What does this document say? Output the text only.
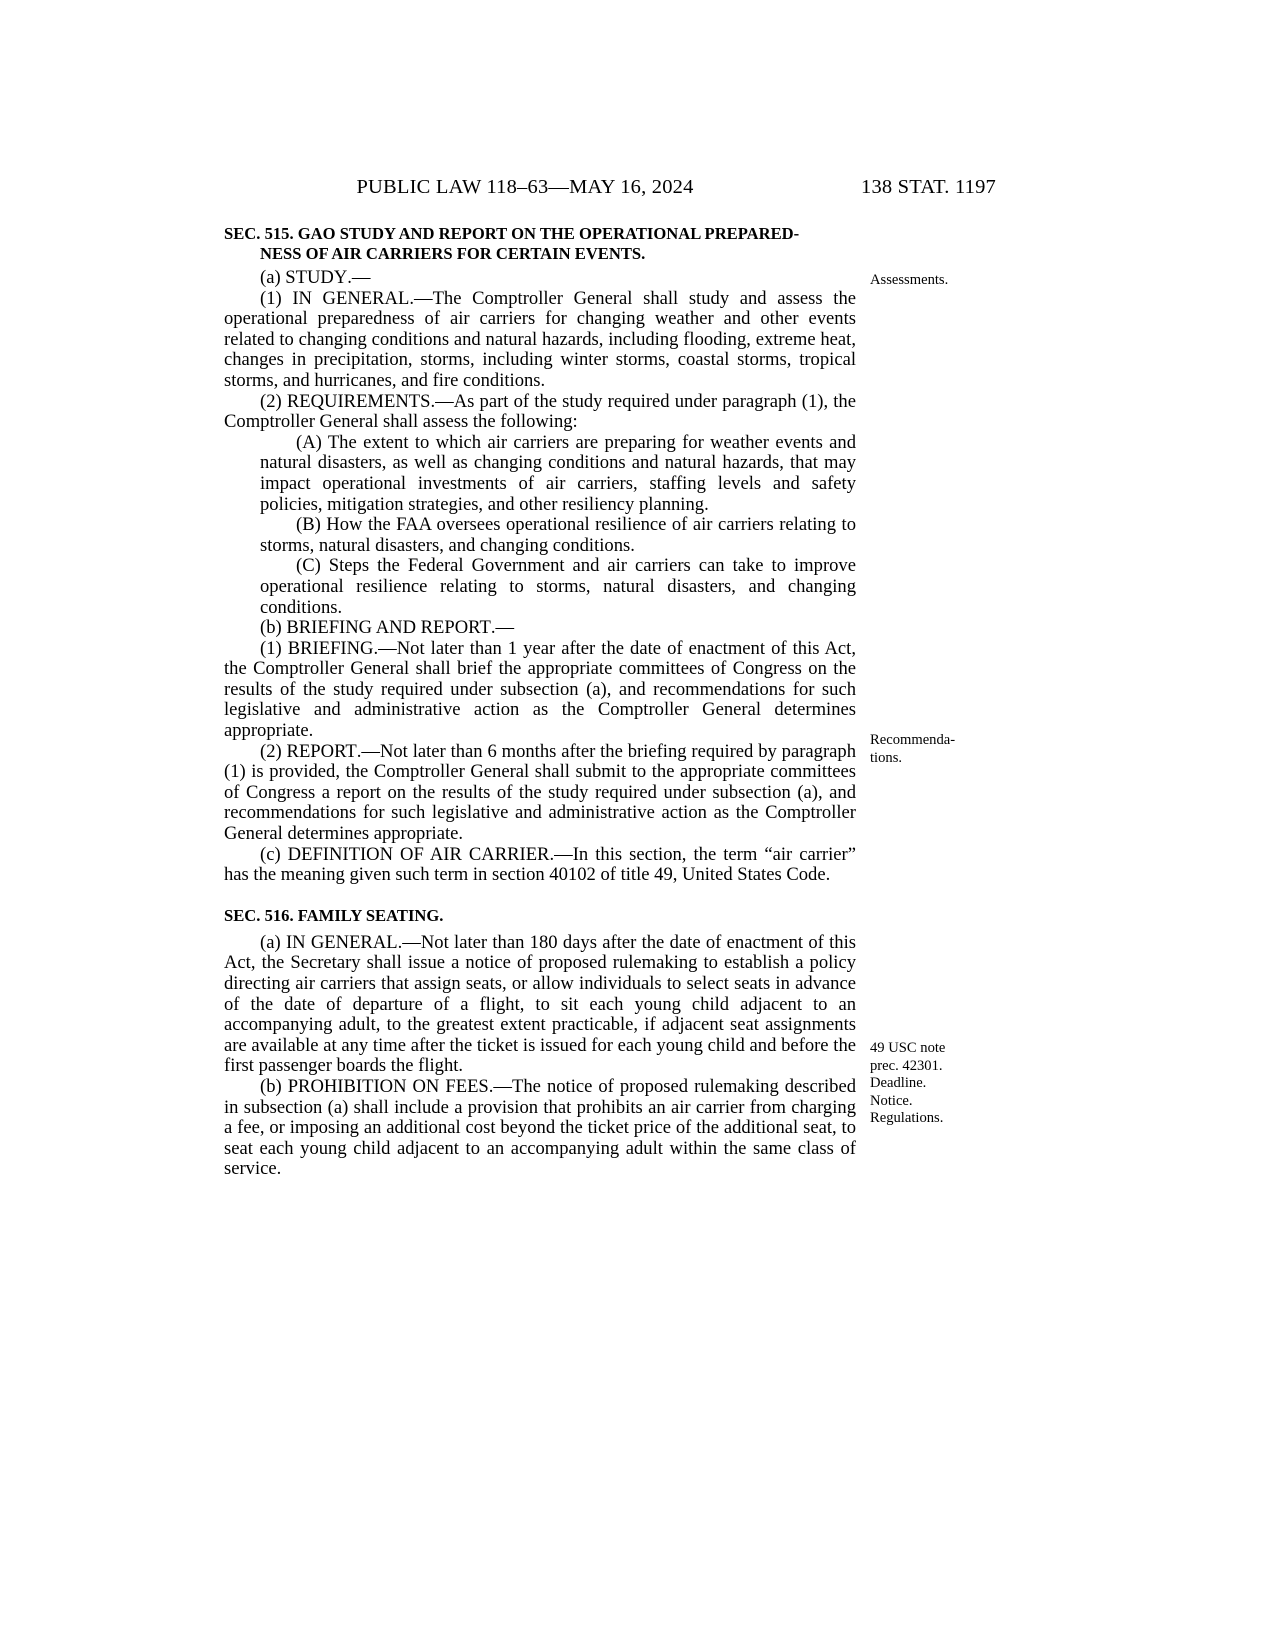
PUBLIC LAW 118–63—MAY 16, 2024	138 STAT. 1197
SEC. 515. GAO STUDY AND REPORT ON THE OPERATIONAL PREPARED-
NESS OF AIR CARRIERS FOR CERTAIN EVENTS.

(a) STUDY.—

(1) IN GENERAL.—The Comptroller General shall study and assess the operational preparedness of air carriers for changing weather and other events related to changing conditions and natural hazards, including flooding, extreme heat, changes in precipitation, storms, including winter storms, coastal storms, tropical storms, and hurricanes, and fire conditions.

(2) REQUIREMENTS.—As part of the study required under paragraph (1), the Comptroller General shall assess the following:

(A) The extent to which air carriers are preparing for weather events and natural disasters, as well as changing conditions and natural hazards, that may impact operational investments of air carriers, staffing levels and safety policies, mitigation strategies, and other resiliency planning.

(B) How the FAA oversees operational resilience of air carriers relating to storms, natural disasters, and changing conditions.

(C) Steps the Federal Government and air carriers can take to improve operational resilience relating to storms, natural disasters, and changing conditions.

(b) BRIEFING AND REPORT.—

(1) BRIEFING.—Not later than 1 year after the date of enactment of this Act, the Comptroller General shall brief the appropriate committees of Congress on the results of the study required under subsection (a), and recommendations for such legislative and administrative action as the Comptroller General determines appropriate.

(2) REPORT.—Not later than 6 months after the briefing required by paragraph (1) is provided, the Comptroller General shall submit to the appropriate committees of Congress a report on the results of the study required under subsection (a), and recommendations for such legislative and administrative action as the Comptroller General determines appropriate.

(c) DEFINITION OF AIR CARRIER.—In this section, the term “air carrier” has the meaning given such term in section 40102 of title 49, United States Code.

SEC. 516. FAMILY SEATING.

(a) IN GENERAL.—Not later than 180 days after the date of enactment of this Act, the Secretary shall issue a notice of proposed rulemaking to establish a policy directing air carriers that assign seats, or allow individuals to select seats in advance of the date of departure of a flight, to sit each young child adjacent to an accompanying adult, to the greatest extent practicable, if adjacent seat assignments are available at any time after the ticket is issued for each young child and before the first passenger boards the flight.

(b) PROHIBITION ON FEES.—The notice of proposed rulemaking described in subsection (a) shall include a provision that prohibits an air carrier from charging a fee, or imposing an additional cost beyond the ticket price of the additional seat, to seat each young child adjacent to an accompanying adult within the same class of service.

Assessments.
Recommenda-
tions.
49 USC note
prec. 42301.
Deadline.
Notice.
Regulations.
